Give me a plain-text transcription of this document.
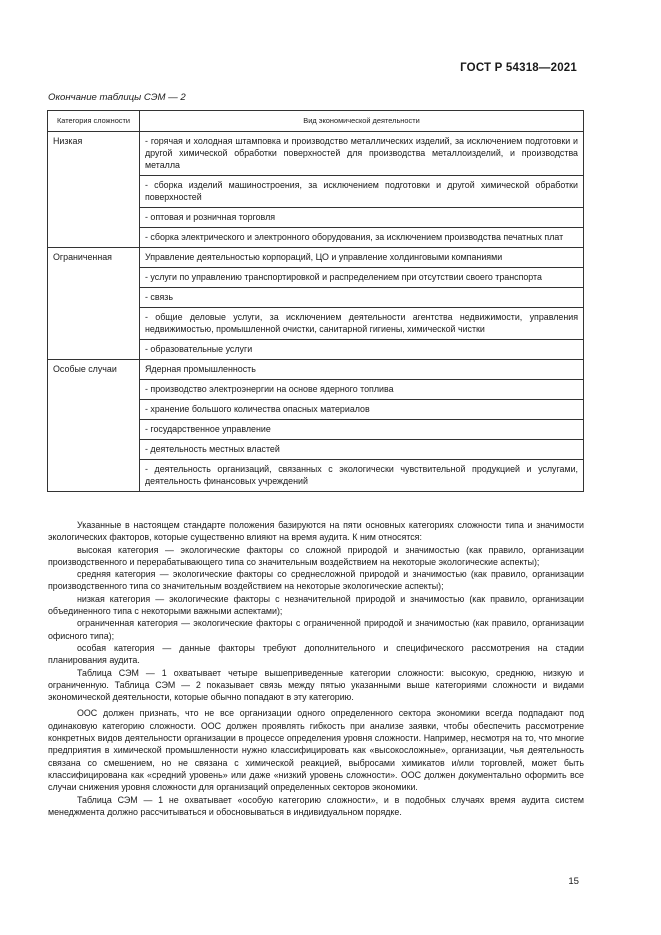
ГОСТ Р 54318—2021
Окончание таблицы СЭМ — 2
Категория сложности	Вид экономической деятельности
Низкая	- горячая и холодная штамповка и производство металлических изделий, за исключением подготовки и другой химической обработки поверхностей для производства металлоизделий, и производства металла
	- сборка изделий машиностроения, за исключением подготовки и другой химической обработки поверхностей
	- оптовая и розничная торговля
	- сборка электрического и электронного оборудования, за исключением производства печатных плат
Ограниченная	Управление деятельностью корпораций, ЦО и управление холдинговыми компаниями
	- услуги по управлению транспортировкой и распределением при отсутствии своего транспорта
	- связь
	- общие деловые услуги, за исключением деятельности агентства недвижимости, управления недвижимостью, промышленной очистки, санитарной гигиены, химической чистки
	- образовательные услуги
Особые случаи	Ядерная промышленность
	- производство электроэнергии на основе ядерного топлива
	- хранение большого количества опасных материалов
	- государственное управление
	- деятельность местных властей
	- деятельность организаций, связанных с экологически чувствительной продукцией и услугами, деятельность финансовых учреждений

Указанные в настоящем стандарте положения базируются на пяти основных категориях сложности типа и значимости экологических факторов, которые существенно влияют на время аудита. К ним относятся:

высокая категория — экологические факторы со сложной природой и значимостью (как правило, организации производственного и перерабатывающего типа со значительным воздействием на некоторые экологические аспекты);

средняя категория — экологические факторы со среднесложной природой и значимостью (как правило, организации производственного типа со значительным воздействием на некоторые экологические аспекты);

низкая категория — экологические факторы с незначительной природой и значимостью (как правило, организации объединенного типа с некоторыми важными аспектами);

ограниченная категория — экологические факторы с ограниченной природой и значимостью (как правило, организации офисного типа);

особая категория — данные факторы требуют дополнительного и специфического рассмотрения на стадии планирования аудита.

Таблица СЭМ — 1 охватывает четыре вышеприведенные категории сложности: высокую, среднюю, низкую и ограниченную. Таблица СЭМ — 2 показывает связь между пятью указанными выше категориями сложности и видами экономической деятельности, которые обычно попадают в эту категорию.

ООС должен признать, что не все организации одного определенного сектора экономики всегда подпадают под одинаковую категорию сложности. ООС должен проявлять гибкость при анализе заявки, чтобы обеспечить рассмотрение конкретных видов деятельности организации в процессе определения уровня сложности. Например, несмотря на то, что многие предприятия в химической промышленности нужно классифицировать как «высокосложные», организации, чья деятельность связана со смешением, но не связана с химической реакцией, выбросами химикатов и/или торговлей, может быть классифицирована как «средний уровень» или даже «низкий уровень сложности». ООС должен документально оформить все случаи снижения уровня сложности для организаций определенных секторов экономики.

Таблица СЭМ — 1 не охватывает «особую категорию сложности», и в подобных случаях время аудита систем менеджмента должно рассчитываться и обосновываться в индивидуальном порядке.

15
